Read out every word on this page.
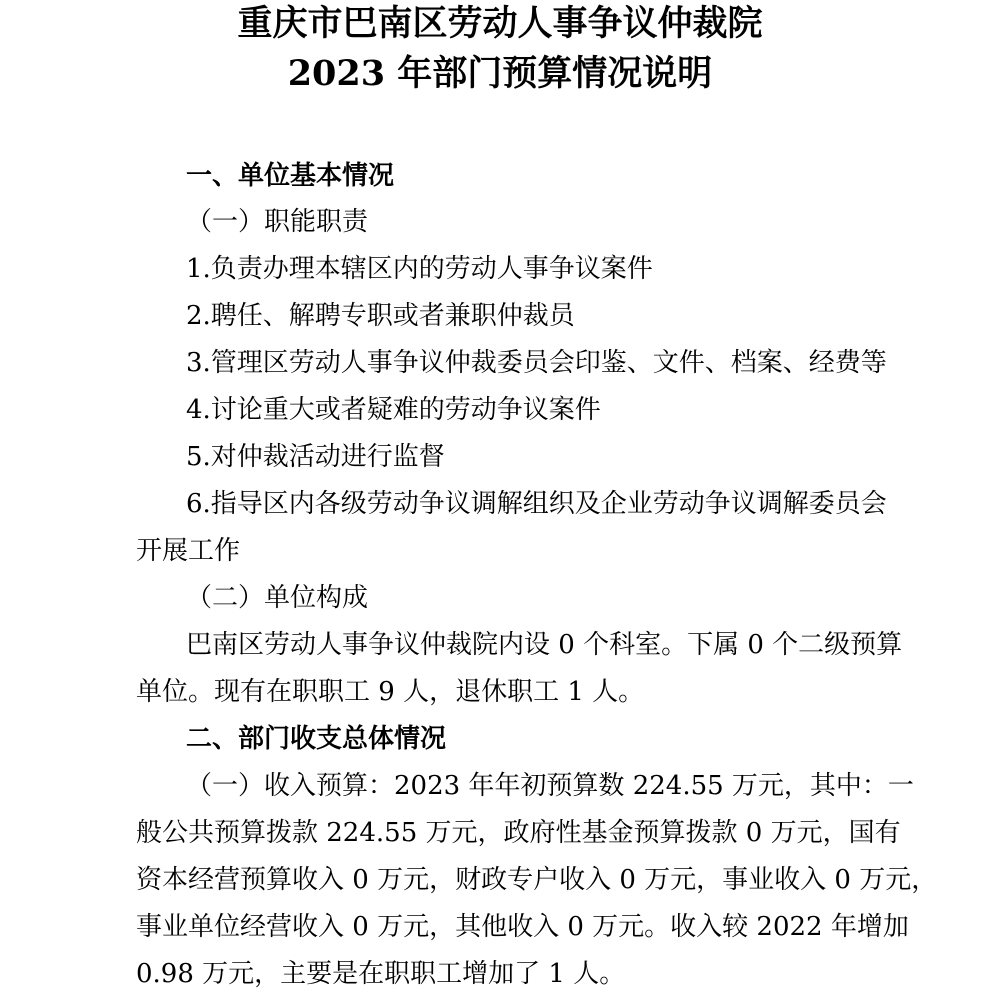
重庆市巴南区劳动人事争议仲裁院
2023 年部门预算情况说明

一、单位基本情况

（一）职能职责

1.负责办理本辖区内的劳动人事争议案件

2.聘任、解聘专职或者兼职仲裁员

3.管理区劳动人事争议仲裁委员会印鉴、文件、档案、经费等

4.讨论重大或者疑难的劳动争议案件

5.对仲裁活动进行监督

6.指导区内各级劳动争议调解组织及企业劳动争议调解委员会

开展工作

（二）单位构成

巴南区劳动人事争议仲裁院内设 0 个科室。下属 0 个二级预算

单位。现有在职职工 9 人，退休职工 1 人。

二、部门收支总体情况

（一）收入预算：2023 年年初预算数 224.55 万元，其中：一

般公共预算拨款 224.55 万元，政府性基金预算拨款 0 万元，国有

资本经营预算收入 0 万元，财政专户收入 0 万元，事业收入 0 万元，

事业单位经营收入 0 万元，其他收入 0 万元。收入较 2022 年增加

0.98 万元，主要是在职职工增加了 1 人。
